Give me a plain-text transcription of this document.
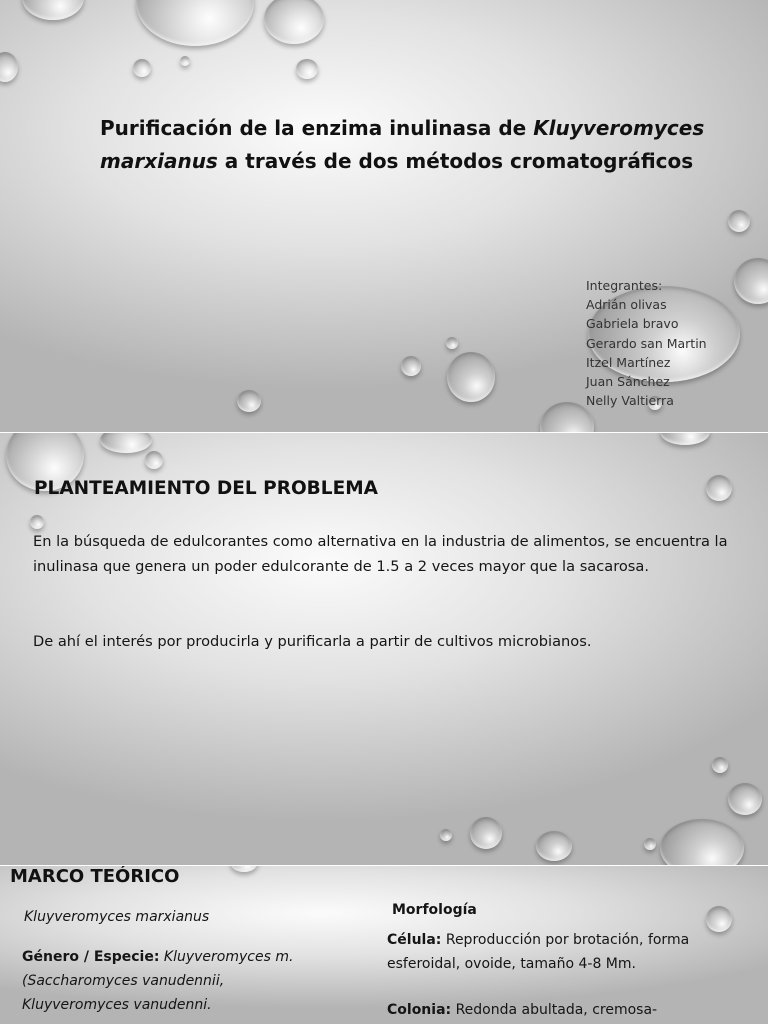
Purificación de la enzima inulinasa de Kluyveromyces
marxianus a través de dos métodos cromatográficos
Integrantes:
Adrián olivas
Gabriela bravo
Gerardo san Martin
Itzel Martínez
Juan Sánchez
Nelly Valtierra
PLANTEAMIENTO DEL PROBLEMA

En la búsqueda de edulcorantes como alternativa en la industria de alimentos, se encuentra la inulinasa que genera un poder edulcorante de 1.5 a 2 veces mayor que la sacarosa.

De ahí el interés por producirla y purificarla a partir de cultivos microbianos.

MARCO TEÓRICO

Kluyveromyces marxianus

Género / Especie: Kluyveromyces m.

(Saccharomyces vanudennii,

Kluyveromyces vanudenni.

Morfología

Célula: Reproducción por brotación, forma esferoidal, ovoide, tamaño 4-8 Mm.

Colonia: Redonda abultada, cremosa-
